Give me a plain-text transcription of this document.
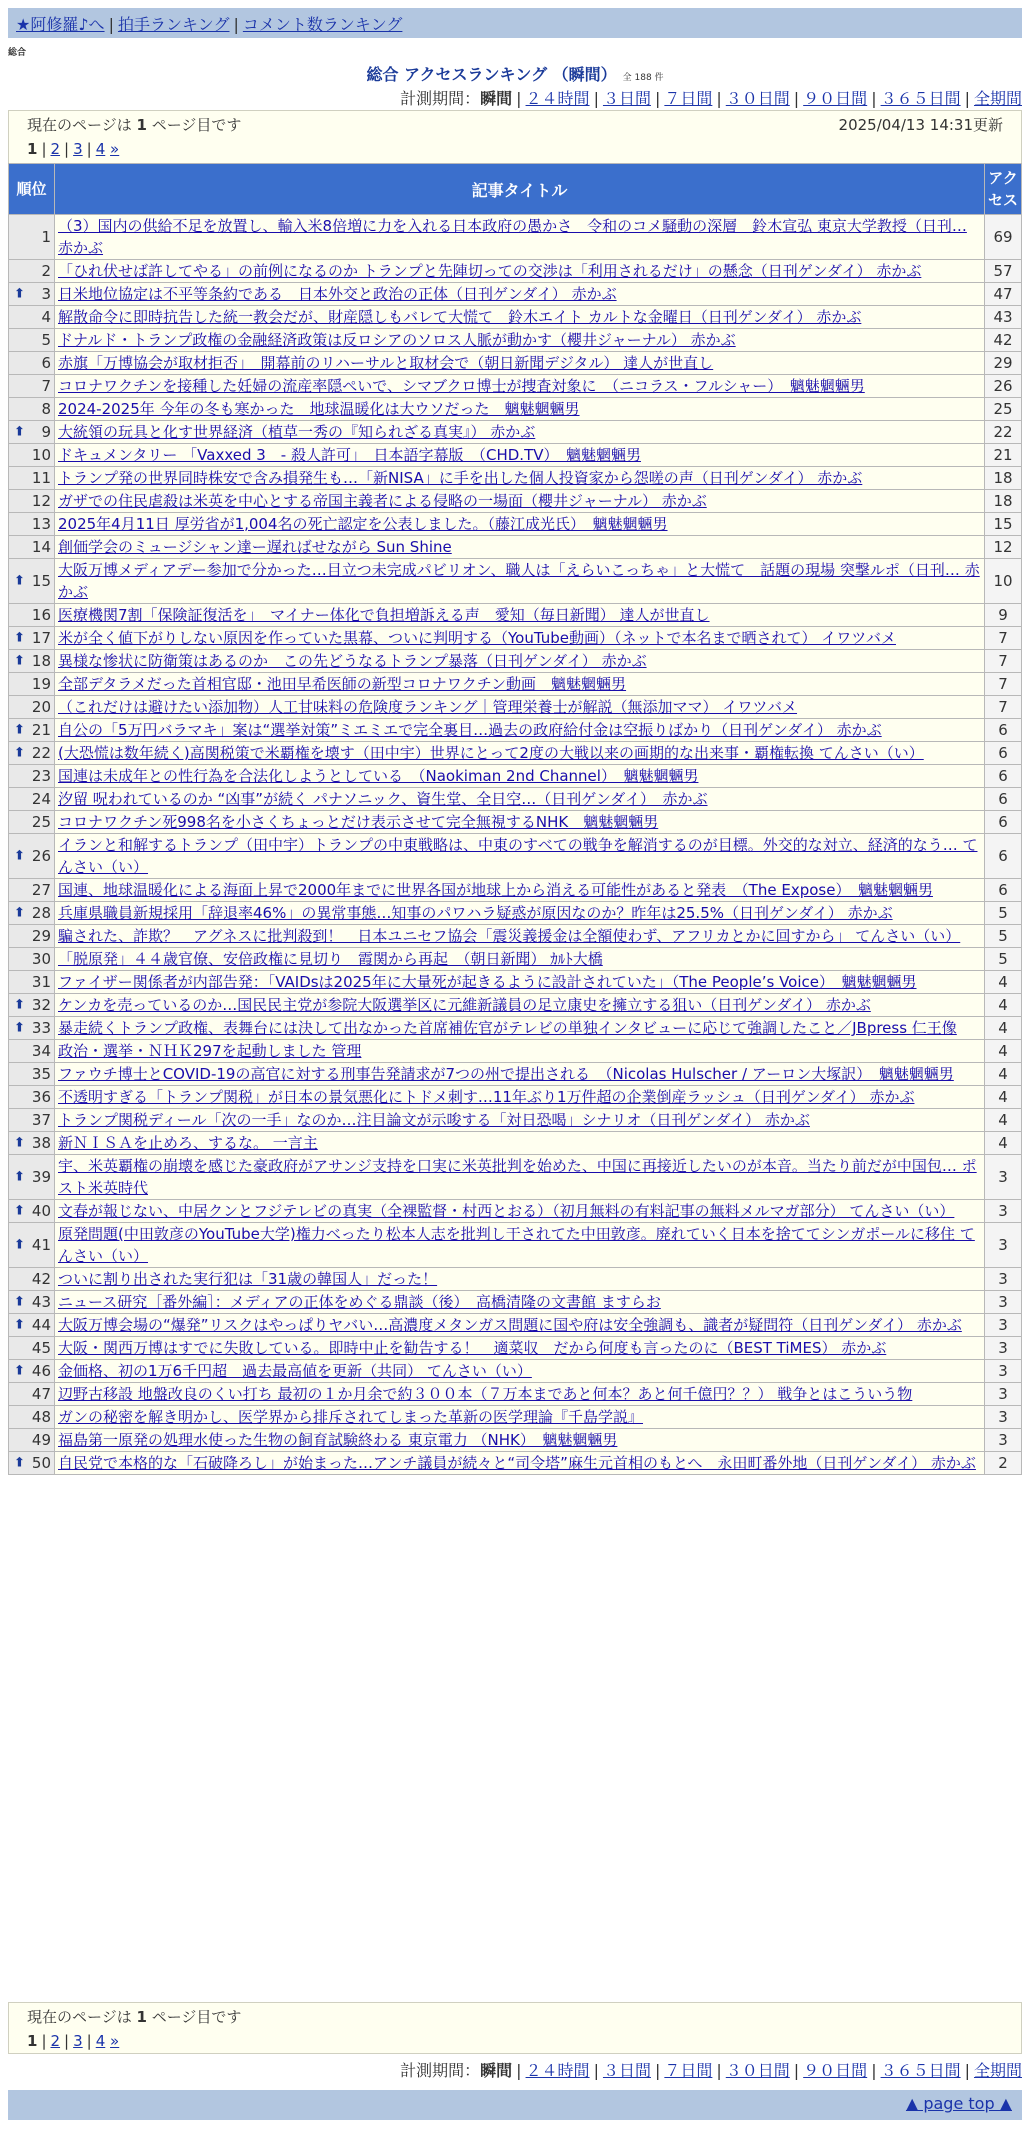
★阿修羅♪へ | 拍手ランキング | コメント数ランキング
総合
総合 アクセスランキング （瞬間） 全 188 件
計測期間：瞬間 | ２４時間 | ３日間 | ７日間 | ３０日間 | ９０日間 | ３６５日間 | 全期間
現在のページは 1 ページ目です	2025/04/13 14:31更新
1 | 2 | 3 | 4 »
順位	記事タイトル	アクセス
1	（3）国内の供給不足を放置し、輸入米8倍増に力を入れる日本政府の愚かさ　令和のコメ騒動の深層　鈴木宣弘 東京大学教授（日刊… 赤かぶ	69
2	「ひれ伏せば許してやる」の前例になるのか トランプと先陣切っての交渉は「利用されるだけ」の懸念（日刊ゲンダイ） 赤かぶ	57

⬆ 3	日米地位協定は不平等条約である　日本外交と政治の正体（日刊ゲンダイ） 赤かぶ	47
4	解散命令に即時抗告した統一教会だが、財産隠しもバレて大慌て　鈴木エイト カルトな金曜日（日刊ゲンダイ） 赤かぶ	43
5	ドナルド・トランプ政権の金融経済政策は反ロシアのソロス人脈が動かす（櫻井ジャーナル） 赤かぶ	42
6	赤旗「万博協会が取材拒否」　開幕前のリハーサルと取材会で（朝日新聞デジタル） 達人が世直し	29
7	コロナワクチンを接種した妊婦の流産率隠ぺいで、シマブクロ博士が捜査対象に　（ニコラス・フルシャー）　魑魅魍魎男	26
8	2024-2025年 今年の冬も寒かった　地球温暖化は大ウソだった　魑魅魍魎男	25

⬆ 9	大統領の玩具と化す世界経済（植草一秀の『知られざる真実』） 赤かぶ	22
10	ドキュメンタリー 「Vaxxed 3　- 殺人許可」　日本語字幕版　（CHD.TV）　魑魅魍魎男	21
11	トランプ発の世界同時株安で含み損発生も…「新NISA」に手を出した個人投資家から怨嗟の声（日刊ゲンダイ） 赤かぶ	18
12	ガザでの住民虐殺は米英を中心とする帝国主義者による侵略の一場面（櫻井ジャーナル） 赤かぶ	18
13	2025年4月11日 厚労省が1,004名の死亡認定を公表しました。（藤江成光氏）　魑魅魍魎男	15
14	創価学会のミュージシャン達ー遅ればせながら Sun Shine	12

⬆ 15	大阪万博メディアデー参加で分かった…目立つ未完成パビリオン、職人は「えらいこっちゃ」と大慌て　話題の現場 突撃ルポ（日刊… 赤かぶ	10
16	医療機関7割「保険証復活を」　マイナー体化で負担増訴える声　愛知（毎日新聞） 達人が世直し	9

⬆ 17	米が全く値下がりしない原因を作っていた黒幕、ついに判明する（YouTube動画）（ネットで本名まで晒されて） イワツバメ	7

⬆ 18	異様な惨状に防衛策はあるのか　この先どうなるトランプ暴落（日刊ゲンダイ） 赤かぶ	7
19	全部デタラメだった首相官邸・池田早希医師の新型コロナワクチン動画　魑魅魍魎男	7
20	（これだけは避けたい添加物）人工甘味料の危険度ランキング｜管理栄養士が解説（無添加ママ） イワツバメ	7

⬆ 21	自公の「5万円バラマキ」案は“選挙対策”ミエミエで完全裏目…過去の政府給付金は空振りばかり（日刊ゲンダイ） 赤かぶ	6

⬆ 22	(大恐慌は数年続く)高関税策で米覇権を壊す（田中宇）世界にとって2度の大戦以来の画期的な出来事・覇権転換 てんさい（い）	6
23	国連は未成年との性行為を合法化しようとしている　（Naokiman 2nd Channel）　魑魅魍魎男	6
24	汐留 呪われているのか “凶事”が続く パナソニック、資生堂、全日空…（日刊ゲンダイ）　赤かぶ	6
25	コロナワクチン死998名を小さくちょっとだけ表示させて完全無視するNHK　魑魅魍魎男	6

⬆ 26	イランと和解するトランプ（田中宇）トランプの中東戦略は、中東のすべての戦争を解消するのが目標。外交的な対立、経済的なう… てんさい（い）	6
27	国連、地球温暖化による海面上昇で2000年までに世界各国が地球上から消える可能性があると発表　（The Expose）　魑魅魍魎男	6

⬆ 28	兵庫県職員新規採用「辞退率46%」の異常事態…知事のパワハラ疑惑が原因なのか？昨年は25.5%（日刊ゲンダイ） 赤かぶ	5
29	騙された、詐欺？　アグネスに批判殺到！　日本ユニセフ協会「震災義援金は全額使わず、アフリカとかに回すから」 てんさい（い）	5
30	「脱原発」４４歳官僚、安倍政権に見切り　霞関から再起　（朝日新聞） ｶﾙﾄ大橋	5
31	ファイザー関係者が内部告発：「VAIDsは2025年に大量死が起きるように設計されていた」（The People’s Voice）　魑魅魍魎男	4

⬆ 32	ケンカを売っているのか…国民民主党が参院大阪選挙区に元維新議員の足立康史を擁立する狙い（日刊ゲンダイ） 赤かぶ	4

⬆ 33	暴走続くトランプ政権、表舞台には決して出なかった首席補佐官がテレビの単独インタビューに応じて強調したこと／JBpress 仁王像	4
34	政治・選挙・ＮＨＫ297を起動しました 管理	4
35	ファウチ博士とCOVID-19の高官に対する刑事告発請求が7つの州で提出される　（Nicolas Hulscher / アーロン大塚訳）　魑魅魍魎男	4
36	不透明すぎる「トランプ関税」が日本の景気悪化にトドメ刺す…11年ぶり1万件超の企業倒産ラッシュ（日刊ゲンダイ） 赤かぶ	4
37	トランプ関税ディール「次の一手」なのか…注目論文が示唆する「対日恐喝」シナリオ（日刊ゲンダイ） 赤かぶ	4

⬆ 38	新ＮＩＳＡを止めろ、するな。 一言主	4

⬆ 39	宇、米英覇権の崩壊を感じた豪政府がアサンジ支持を口実に米英批判を始めた、中国に再接近したいのが本音。当たり前だが中国包… ポスト米英時代	3

⬆ 40	文春が報じない、中居クンとフジテレビの真実（全裸監督・村西とおる）（初月無料の有料記事の無料メルマガ部分） てんさい（い）	3

⬆ 41	原発問題(中田敦彦のYouTube大学)権力べったり松本人志を批判し干されてた中田敦彦。廃れていく日本を捨ててシンガポールに移住 てんさい（い）	3
42	ついに割り出された実行犯は「31歳の韓国人」だった！	3

⬆ 43	ニュース研究［番外編］：メディアの正体をめぐる鼎談（後）　高橋清隆の文書館 ますらお	3

⬆ 44	大阪万博会場の“爆発”リスクはやっぱりヤバい…高濃度メタンガス問題に国や府は安全強調も、識者が疑問符（日刊ゲンダイ） 赤かぶ	3
45	大阪・関西万博はすでに失敗している。即時中止を勧告する！　適菜収　だから何度も言ったのに（BEST TiMES） 赤かぶ	3

⬆ 46	金価格、初の1万6千円超　過去最高値を更新（共同） てんさい（い）	3
47	辺野古移設 地盤改良のくい打ち 最初の１か月余で約３００本（７万本まであと何本？あと何千億円？？） 戦争とはこういう物	3
48	ガンの秘密を解き明かし、医学界から排斥されてしまった革新の医学理論『千島学説』	3
49	福島第一原発の処理水使った生物の飼育試験終わる 東京電力 （NHK）　魑魅魍魎男	3

⬆ 50	自民党で本格的な「石破降ろし」が始まった…アンチ議員が続々と“司令塔”麻生元首相のもとへ　永田町番外地（日刊ゲンダイ） 赤かぶ	2
現在のページは 1 ページ目です
1 | 2 | 3 | 4 »
計測期間：瞬間 | ２４時間 | ３日間 | ７日間 | ３０日間 | ９０日間 | ３６５日間 | 全期間
▲ page top ▲
